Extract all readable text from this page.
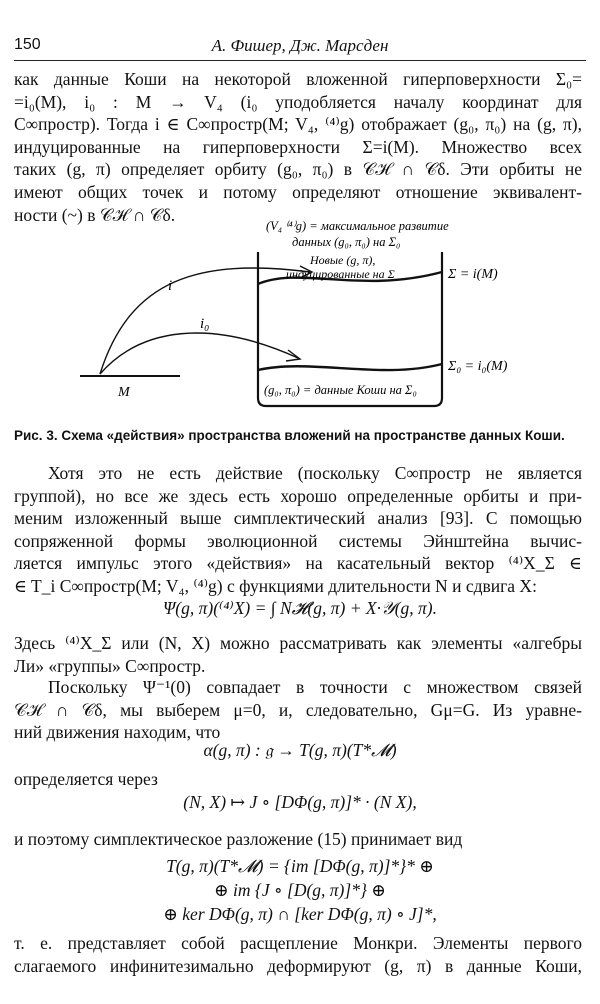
150	А. Фишер, Дж. Марсден
как данные Коши на некоторой вложенной гиперповерхности Σ₀=
=i₀(M), i₀ : M → V₄ (i₀ уподобляется началу координат для
C∞простр). Тогда i ∈ C∞простр(M; V₄, ⁽⁴⁾g) отображает (g₀, π₀) на (g, π),
индуцированные на гиперповерхности Σ=i(M). Множество всех
таких (g, π) определяет орбиту (g₀, π₀) в 𝒞ℋ ∩ 𝒞δ. Эти орбиты не
имеют общих точек и потому определяют отношение эквивалент-
ности (~) в 𝒞ℋ ∩ 𝒞δ.
M
i
i₀
(V₄ ⁽⁴⁾g) = максимальное развитие
данных (g₀, π₀) на Σ₀
Новые (g, π),
индуцированные на Σ	Σ = i(M)
Σ₀ = i₀(M)
(g₀, π₀) = данные Коши на Σ₀
Рис. 3. Схема «действия» пространства вложений на пространстве данных Коши.
Хотя это не есть действие (поскольку C∞простр не является
группой), но все же здесь есть хорошо определенные орбиты и при-
меним изложенный выше симплектический анализ [93]. С помощью
сопряженной формы эволюционной системы Эйнштейна вычис-
ляется импульс этого «действия» на касательный вектор ⁽⁴⁾X_Σ ∈
∈ T_i C∞простр(M; V₄, ⁽⁴⁾g) с функциями длительности N и сдвига X:
Ψ(g, π)(⁽⁴⁾X) = ∫ N𝓗(g, π) + X·𝒴(g, π).
Здесь ⁽⁴⁾X_Σ или (N, X) можно рассматривать как элементы «алгебры
Ли» «группы» C∞простр.
Поскольку Ψ⁻¹(0) совпадает в точности с множеством связей
𝒞ℋ ∩ 𝒞δ, мы выберем μ=0, и, следовательно, Gμ=G. Из уравне-
ний движения находим, что
α(g, π) : 𝔤 → T(g, π)(T*𝓜)
определяется через
(N, X) ↦ J ∘ [DΦ(g, π)]* · (N X),
и поэтому симплектическое разложение (15) принимает вид
T(g, π)(T*𝓜) = {im [DΦ(g, π)]*}* ⊕
⊕ im {J ∘ [D(g, π)]*} ⊕
⊕ ker DΦ(g, π) ∩ [ker DΦ(g, π) ∘ J]*,
т. е. представляет собой расщепление Монкри. Элементы первого
слагаемого инфинитезимально деформируют (g, π) в данные Коши,
